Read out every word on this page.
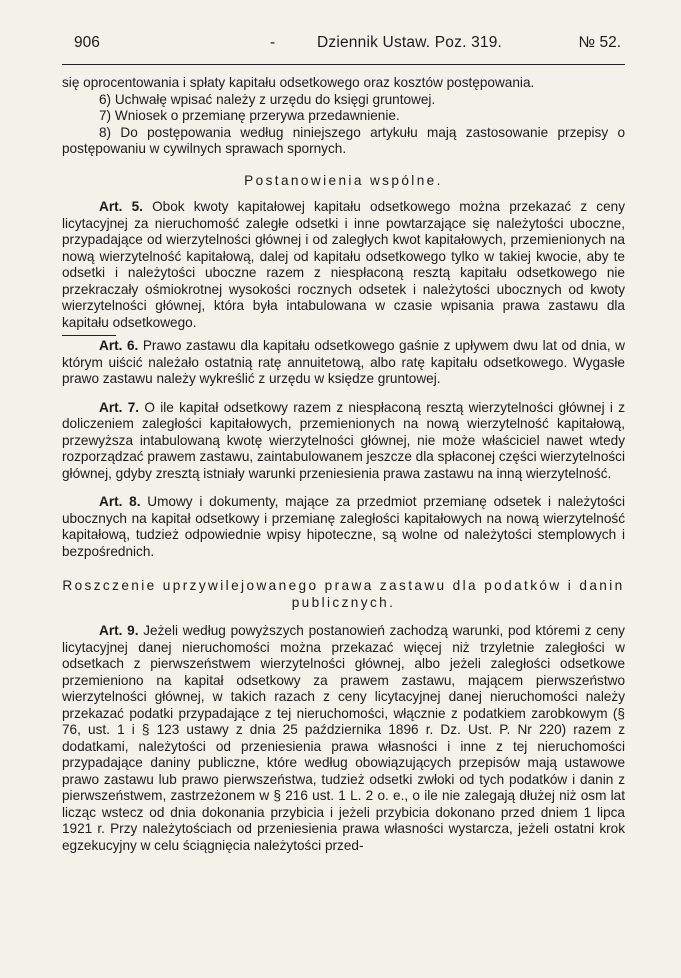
906	-	Dziennik Ustaw. Poz. 319.	№ 52.

się oprocentowania i spłaty kapitału odsetkowego oraz kosztów postępowania.

6) Uchwałę wpisać należy z urzędu do księgi gruntowej.

7) Wniosek o przemianę przerywa przedawnienie.

8) Do postępowania według niniejszego artykułu mają zastosowanie przepisy o postępowaniu w cywilnych sprawach spornych.

Postanowienia wspólne.

Art. 5. Obok kwoty kapitałowej kapitału odsetkowego można przekazać z ceny licytacyjnej za nieruchomość zaległe odsetki i inne powtarzające się należytości uboczne, przypadające od wierzytelności głównej i od zaległych kwot kapitałowych, przemienionych na nową wierzytelność kapitałową, dalej od kapitału odsetkowego tylko w takiej kwocie, aby te odsetki i należytości uboczne razem z niespłaconą resztą kapitału odsetkowego nie przekraczały ośmiokrotnej wysokości rocznych odsetek i należytości ubocznych od kwoty wierzytelności głównej, która była intabulowana w czasie wpisania prawa zastawu dla kapitału odsetkowego.

Art. 6. Prawo zastawu dla kapitału odsetkowego gaśnie z upływem dwu lat od dnia, w którym uiścić należało ostatnią ratę annuitetową, albo ratę kapitału odsetkowego. Wygasłe prawo zastawu należy wykreślić z urzędu w księdze gruntowej.

Art. 7. O ile kapitał odsetkowy razem z niespłaconą resztą wierzytelności głównej i z doliczeniem zaległości kapitałowych, przemienionych na nową wierzytelność kapitałową, przewyższa intabulowaną kwotę wierzytelności głównej, nie może właściciel nawet wtedy rozporządzać prawem zastawu, zaintabulowanem jeszcze dla spłaconej części wierzytelności głównej, gdyby zresztą istniały warunki przeniesienia prawa zastawu na inną wierzytelność.

Art. 8. Umowy i dokumenty, mające za przedmiot przemianę odsetek i należytości ubocznych na kapitał odsetkowy i przemianę zaległości kapitałowych na nową wierzytelność kapitałową, tudzież odpowiednie wpisy hipoteczne, są wolne od należytości stemplowych i bezpośrednich.

Roszczenie uprzywilejowanego prawa zastawu dla podatków i danin publicznych.

Art. 9. Jeżeli według powyższych postanowień zachodzą warunki, pod któremi z ceny licytacyjnej danej nieruchomości można przekazać więcej niż trzyletnie zaległości w odsetkach z pierwszeństwem wierzytelności głównej, albo jeżeli zaległości odsetkowe przemieniono na kapitał odsetkowy za prawem zastawu, mającem pierwszeństwo wierzytelności głównej, w takich razach z ceny licytacyjnej danej nieruchomości należy przekazać podatki przypadające z tej nieruchomości, włącznie z podatkiem zarobkowym (§ 76, ust. 1 i § 123 ustawy z dnia 25 października 1896 r. Dz. Ust. P. Nr 220) razem z dodatkami, należytości od przeniesienia prawa własności i inne z tej nieruchomości przypadające daniny publiczne, które według obowiązujących przepisów mają ustawowe prawo zastawu lub prawo pierwszeństwa, tudzież odsetki zwłoki od tych podatków i danin z pierwszeństwem, zastrzeżonem w § 216 ust. 1 L. 2 o. e., o ile nie zalegają dłużej niż osm lat licząc wstecz od dnia dokonania przybicia i jeżeli przybicia dokonano przed dniem 1 lipca 1921 r. Przy należytościach od przeniesienia prawa własności wystarcza, jeżeli ostatni krok egzekucyjny w celu ściągnięcia należytości przed-
